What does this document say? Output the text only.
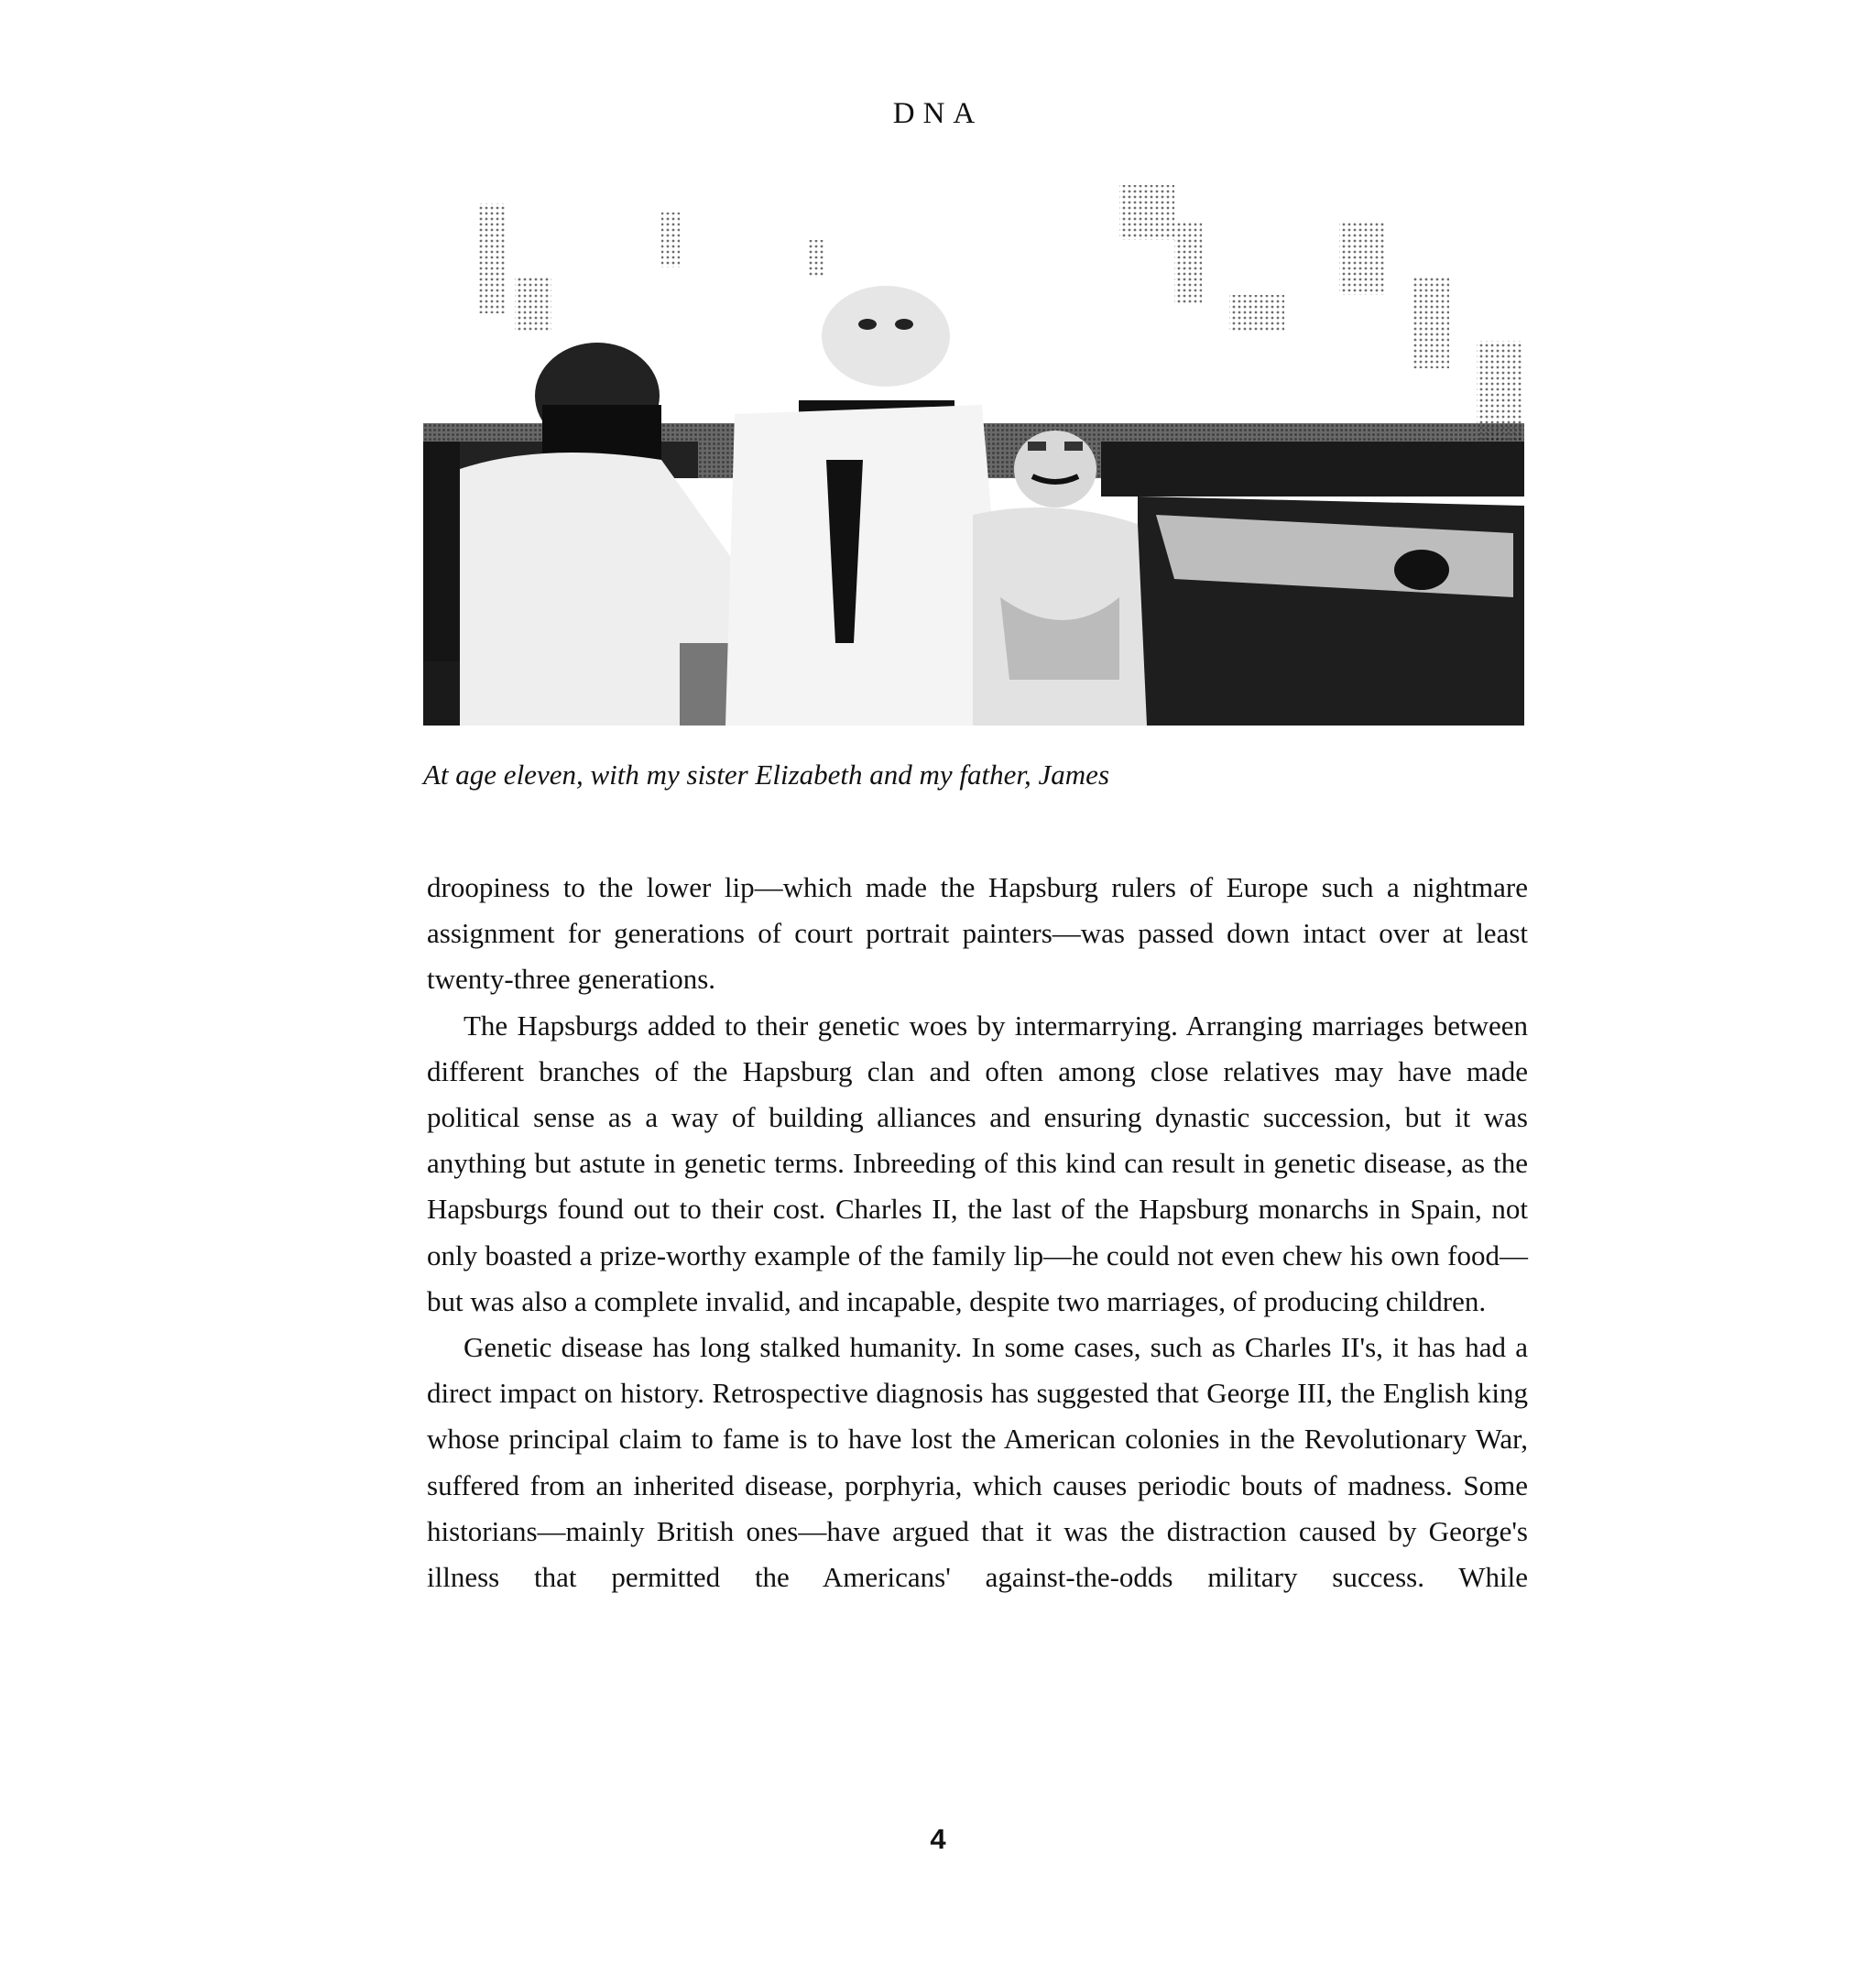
DNA
At age eleven, with my sister Elizabeth and my father, James

droopiness to the lower lip—which made the Hapsburg rulers of Europe such a nightmare assignment for generations of court portrait painters—was passed down intact over at least twenty-three generations.

The Hapsburgs added to their genetic woes by intermarrying. Arranging marriages between different branches of the Hapsburg clan and often among close relatives may have made political sense as a way of building alliances and ensuring dynastic succession, but it was anything but astute in genetic terms. Inbreeding of this kind can result in genetic disease, as the Hapsburgs found out to their cost. Charles II, the last of the Hapsburg monarchs in Spain, not only boasted a prize-worthy example of the family lip—he could not even chew his own food—but was also a complete invalid, and incapable, despite two marriages, of producing children.

Genetic disease has long stalked humanity. In some cases, such as Charles II's, it has had a direct impact on history. Retrospective diagnosis has suggested that George III, the English king whose principal claim to fame is to have lost the American colonies in the Revolutionary War, suffered from an inherited disease, porphyria, which causes periodic bouts of madness. Some historians—mainly British ones—have argued that it was the distraction caused by George's illness that permitted the Americans' against-the-odds military success. While

4
